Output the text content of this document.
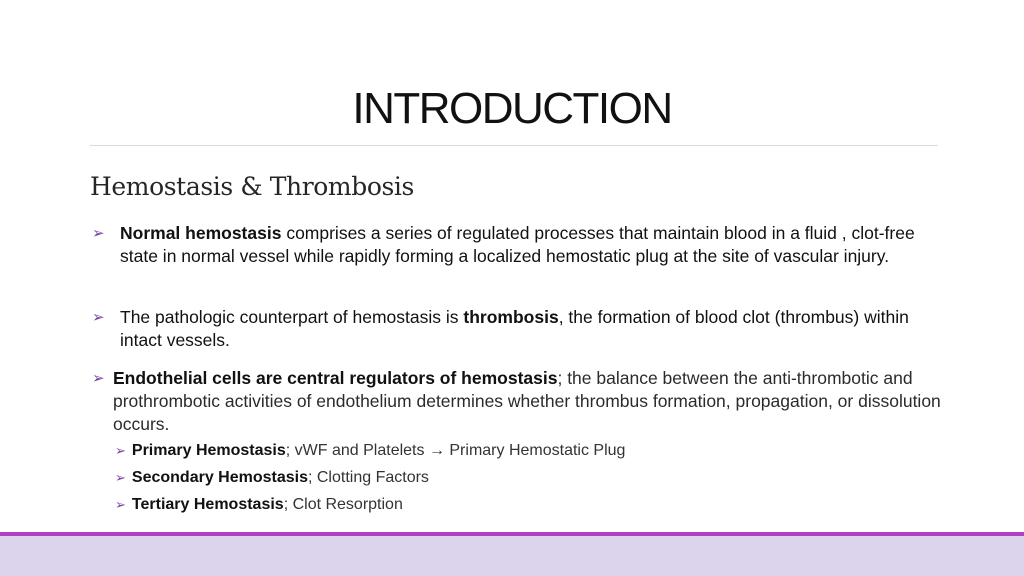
INTRODUCTION
Hemostasis & Thrombosis
➢ Normal hemostasis comprises a series of regulated processes that maintain blood in a fluid , clot-free state in normal vessel while rapidly forming a localized hemostatic plug at the site of vascular injury.
➢ The pathologic counterpart of hemostasis is thrombosis, the formation of blood clot (thrombus) within intact vessels.
➢ Endothelial cells are central regulators of hemostasis; the balance between the anti-thrombotic and prothrombotic activities of endothelium determines whether thrombus formation, propagation, or dissolution occurs.
➢ Primary Hemostasis; vWF and Platelets → Primary Hemostatic Plug
➢ Secondary Hemostasis; Clotting Factors
➢ Tertiary Hemostasis; Clot Resorption
